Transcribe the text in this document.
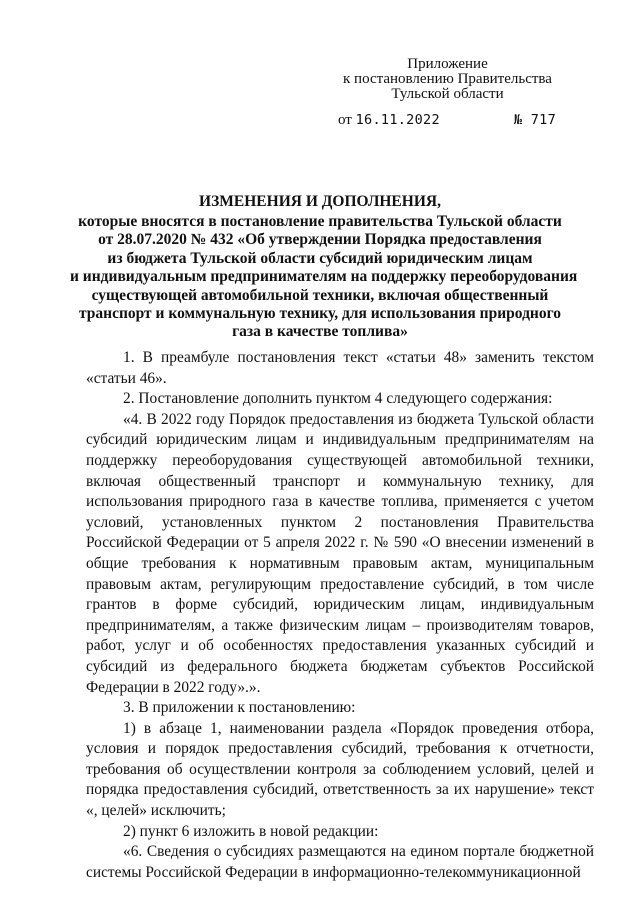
Приложение
к постановлению Правительства
Тульской области
от 16.11.2022	№ 717
ИЗМЕНЕНИЯ И ДОПОЛНЕНИЯ,
которые вносятся в постановление правительства Тульской области
от 28.07.2020 № 432 «Об утверждении Порядка предоставления
из бюджета Тульской области субсидий юридическим лицам
и индивидуальным предпринимателям на поддержку переоборудования
существующей автомобильной техники, включая общественный
транспорт и коммунальную технику, для использования природного
газа в качестве топлива»

1. В преамбуле постановления текст «статьи 48» заменить текстом «статьи 46».

2. Постановление дополнить пунктом 4 следующего содержания:

«4. В 2022 году Порядок предоставления из бюджета Тульской области субсидий юридическим лицам и индивидуальным предпринимателям на поддержку переоборудования существующей автомобильной техники, включая общественный транспорт и коммунальную технику, для использования природного газа в качестве топлива, применяется с учетом условий, установленных пунктом 2 постановления Правительства Российской Федерации от 5 апреля 2022 г. № 590 «О внесении изменений в общие требования к нормативным правовым актам, муниципальным правовым актам, регулирующим предоставление субсидий, в том числе грантов в форме субсидий, юридическим лицам, индивидуальным предпринимателям, а также физическим лицам – производителям товаров, работ, услуг и об особенностях предоставления указанных субсидий и субсидий из федерального бюджета бюджетам субъектов Российской Федерации в 2022 году».».

3. В приложении к постановлению:

1) в абзаце 1, наименовании раздела «Порядок проведения отбора, условия и порядок предоставления субсидий, требования к отчетности, требования об осуществлении контроля за соблюдением условий, целей и порядка предоставления субсидий, ответственность за их нарушение» текст «, целей» исключить;

2) пункт 6 изложить в новой редакции:

«6. Сведения о субсидиях размещаются на едином портале бюджетной системы Российской Федерации в информационно-телекоммуникационной
